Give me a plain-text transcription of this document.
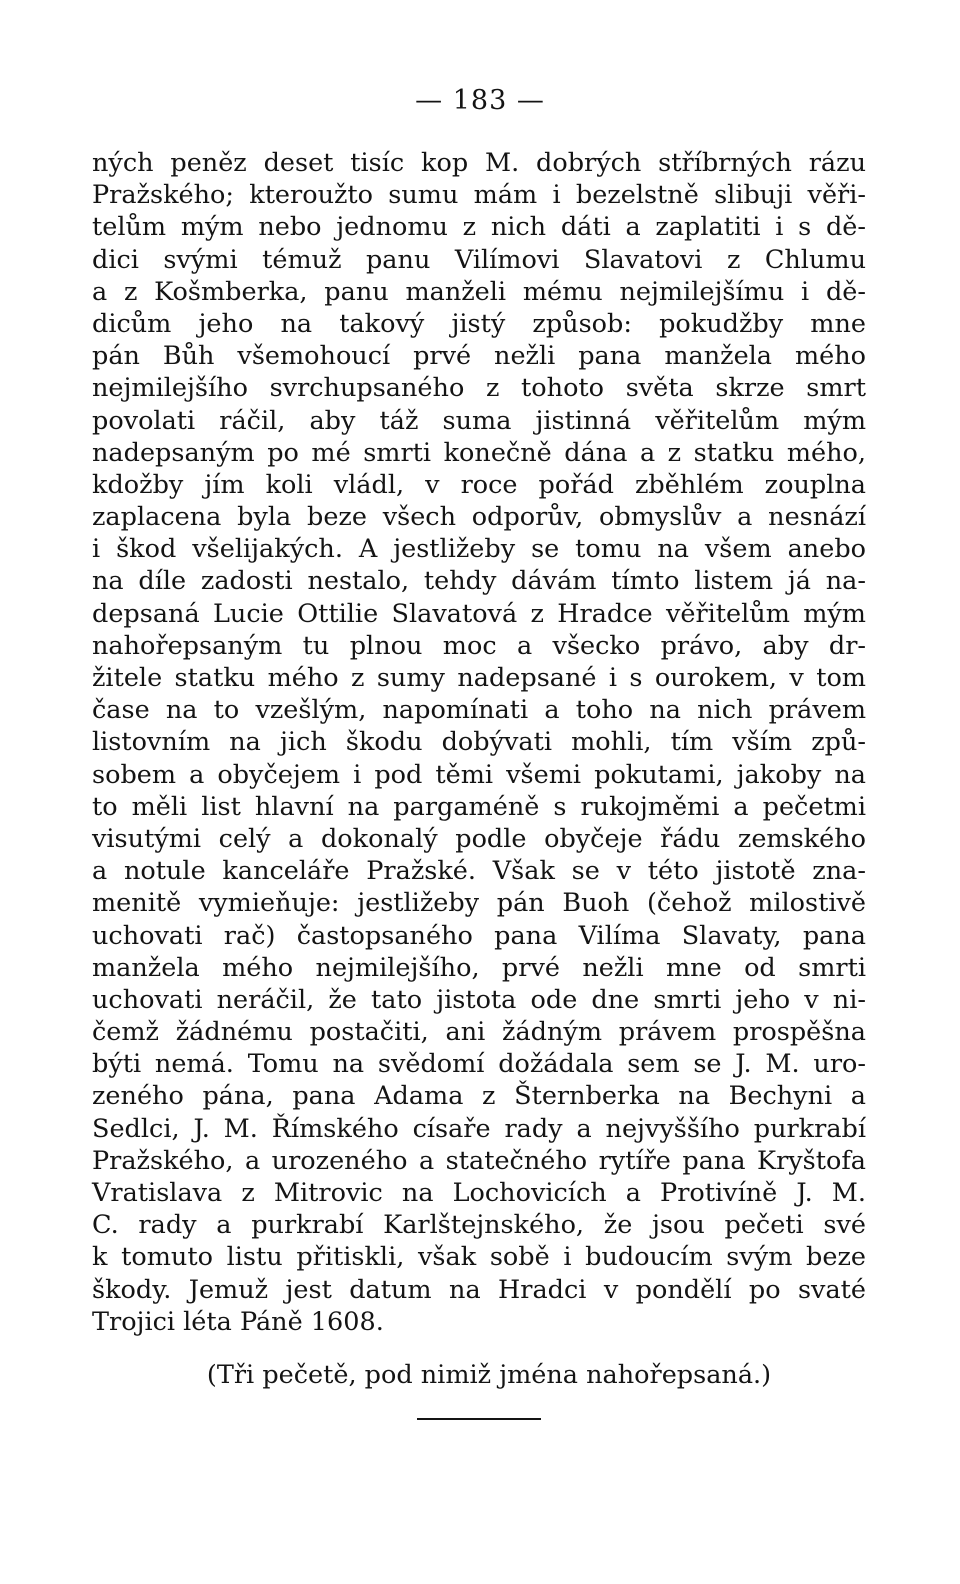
— 183 —
ných peněz deset tisíc kop M. dobrých stříbrných rázu
Pražského; kteroužto sumu mám i bezelstně slibuji věři-
telům mým nebo jednomu z nich dáti a zaplatiti i s dě-
dici svými témuž panu Vilímovi Slavatovi z Chlumu
a z Košmberka, panu manželi mému nejmilejšímu i dě-
dicům jeho na takový jistý způsob: pokudžby mne
pán Bůh všemohoucí prvé nežli pana manžela mého
nejmilejšího svrchupsaného z tohoto světa skrze smrt
povolati ráčil, aby táž suma jistinná věřitelům mým
nadepsaným po mé smrti konečně dána a z statku mého,
kdožby jím koli vládl, v roce pořád zběhlém zouplna
zaplacena byla beze všech odporův, obmyslův a nesnází
i škod všelijakých. A jestližeby se tomu na všem anebo
na díle zadosti nestalo, tehdy dávám tímto listem já na-
depsaná Lucie Ottilie Slavatová z Hradce věřitelům mým
nahořepsaným tu plnou moc a všecko právo, aby dr-
žitele statku mého z sumy nadepsané i s ourokem, v tom
čase na to vzešlým, napomínati a toho na nich právem
listovním na jich škodu dobývati mohli, tím vším způ-
sobem a obyčejem i pod těmi všemi pokutami, jakoby na
to měli list hlavní na pargaméně s rukojměmi a pečetmi
visutými celý a dokonalý podle obyčeje řádu zemského
a notule kanceláře Pražské. Však se v této jistotě zna-
menitě vymieňuje: jestližeby pán Buoh (čehož milostivě
uchovati rač) častopsaného pana Vilíma Slavaty, pana
manžela mého nejmilejšího, prvé nežli mne od smrti
uchovati neráčil, že tato jistota ode dne smrti jeho v ni-
čemž žádnému postačiti, ani žádným právem prospěšna
býti nemá. Tomu na svědomí dožádala sem se J. M. uro-
zeného pána, pana Adama z Šternberka na Bechyni a
Sedlci, J. M. Římského císaře rady a nejvyššího purkrabí
Pražského, a urozeného a statečného rytíře pana Kryštofa
Vratislava z Mitrovic na Lochovicích a Protivíně J. M.
C. rady a purkrabí Karlštejnského, že jsou pečeti své
k tomuto listu přitiskli, však sobě i budoucím svým beze
škody. Jemuž jest datum na Hradci v pondělí po svaté
Trojici léta Páně 1608.
(Tři pečetě, pod nimiž jména nahořepsaná.)
